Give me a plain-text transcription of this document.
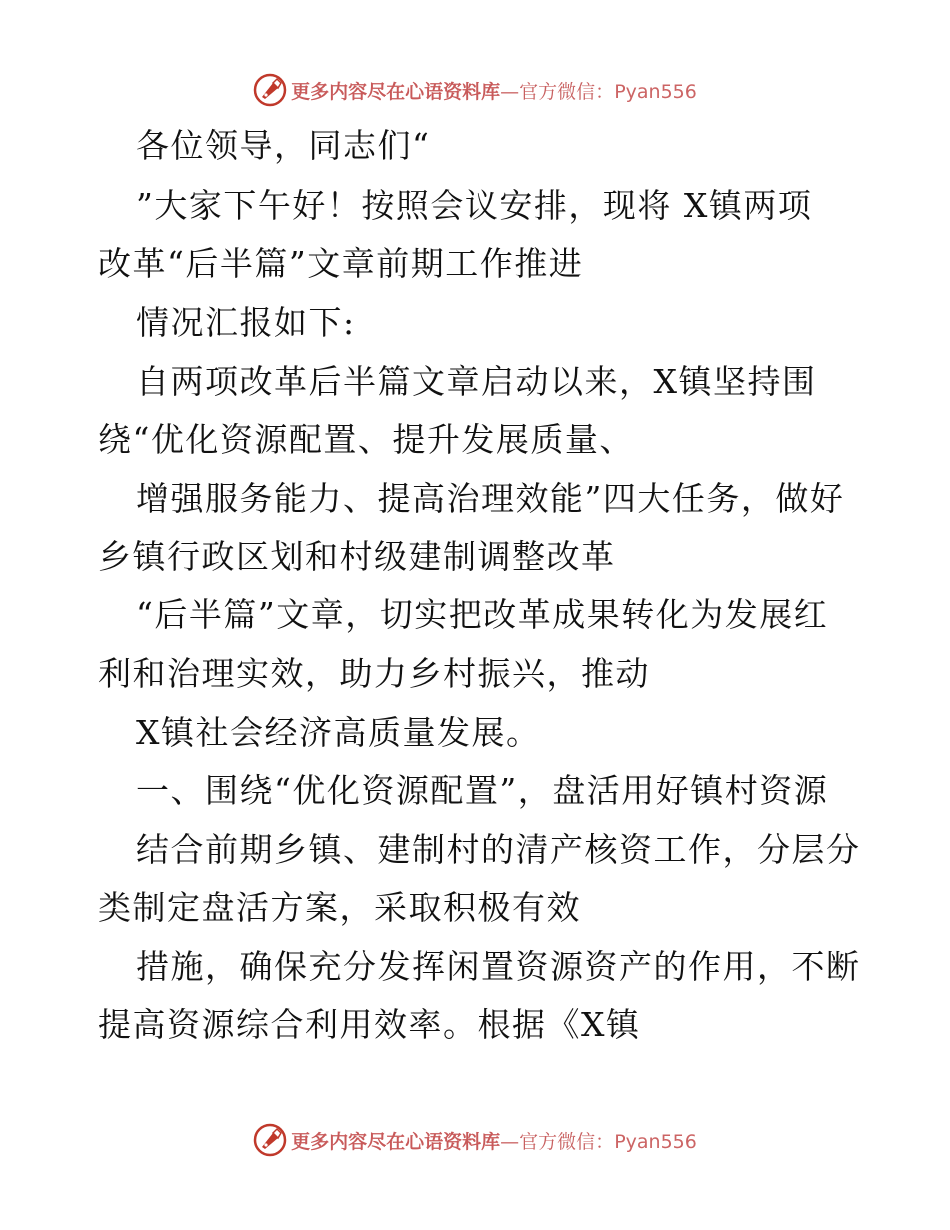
更多内容尽在心语资料库—官方微信：Pyan556
各位领导，同志们“
”大家下午好！按照会议安排，现将 X镇两项
改革“后半篇”文章前期工作推进
情况汇报如下:
自两项改革后半篇文章启动以来，X镇坚持围
绕“优化资源配置、提升发展质量、
增强服务能力、提高治理效能”四大任务，做好
乡镇行政区划和村级建制调整改革
“后半篇”文章，切实把改革成果转化为发展红
利和治理实效，助力乡村振兴，推动
X镇社会经济高质量发展。
一、围绕“优化资源配置”，盘活用好镇村资源
结合前期乡镇、建制村的清产核资工作，分层分
类制定盘活方案，采取积极有效
措施，确保充分发挥闲置资源资产的作用，不断
提高资源综合利用效率。根据《X镇
更多内容尽在心语资料库—官方微信：Pyan556
